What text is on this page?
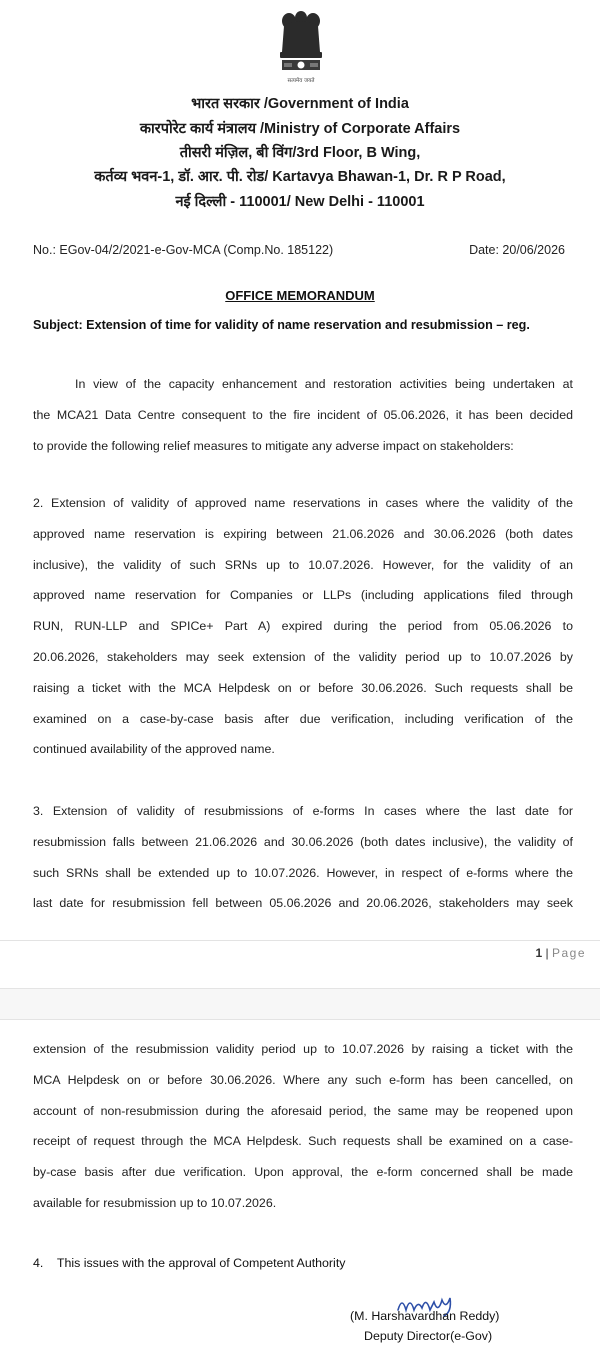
सत्यमेव जयते
भारत सरकार /Government of India
कारपोरेट कार्य मंत्रालय /Ministry of Corporate Affairs
तीसरी मंज़िल, बी विंग/3rd Floor, B Wing,
कर्तव्य भवन-1, डॉ. आर. पी. रोड/ Kartavya Bhawan-1, Dr. R P Road,
नई दिल्ली - 110001/ New Delhi - 110001
No.: EGov-04/2/2021-e-Gov-MCA (Comp.No. 185122)	Date: 20/06/2026
OFFICE MEMORANDUM
Subject: Extension of time for validity of name reservation and resubmission – reg.
In view of the capacity enhancement and restoration activities being undertaken at
the MCA21 Data Centre consequent to the fire incident of 05.06.2026, it has been decided
to provide the following relief measures to mitigate any adverse impact on stakeholders:
2. Extension of validity of approved name reservations in cases where the validity of the
approved name reservation is expiring between 21.06.2026 and 30.06.2026 (both dates
inclusive), the validity of such SRNs up to 10.07.2026. However, for the validity of an
approved name reservation for Companies or LLPs (including applications filed through
RUN, RUN-LLP and SPICe+ Part A) expired during the period from 05.06.2026 to
20.06.2026, stakeholders may seek extension of the validity period up to 10.07.2026 by
raising a ticket with the MCA Helpdesk on or before 30.06.2026. Such requests shall be
examined on a case-by-case basis after due verification, including verification of the
continued availability of the approved name.
3. Extension of validity of resubmissions of e-forms In cases where the last date for
resubmission falls between 21.06.2026 and 30.06.2026 (both dates inclusive), the validity of
such SRNs shall be extended up to 10.07.2026. However, in respect of e-forms where the
last date for resubmission fell between 05.06.2026 and 20.06.2026, stakeholders may seek
1 | Page
extension of the resubmission validity period up to 10.07.2026 by raising a ticket with the
MCA Helpdesk on or before 30.06.2026. Where any such e-form has been cancelled, on
account of non-resubmission during the aforesaid period, the same may be reopened upon
receipt of request through the MCA Helpdesk. Such requests shall be examined on a case-
by-case basis after due verification. Upon approval, the e-form concerned shall be made
available for resubmission up to 10.07.2026.
4.    This issues with the approval of Competent Authority
(M. Harshavardhan Reddy)
Deputy Director(e-Gov)
